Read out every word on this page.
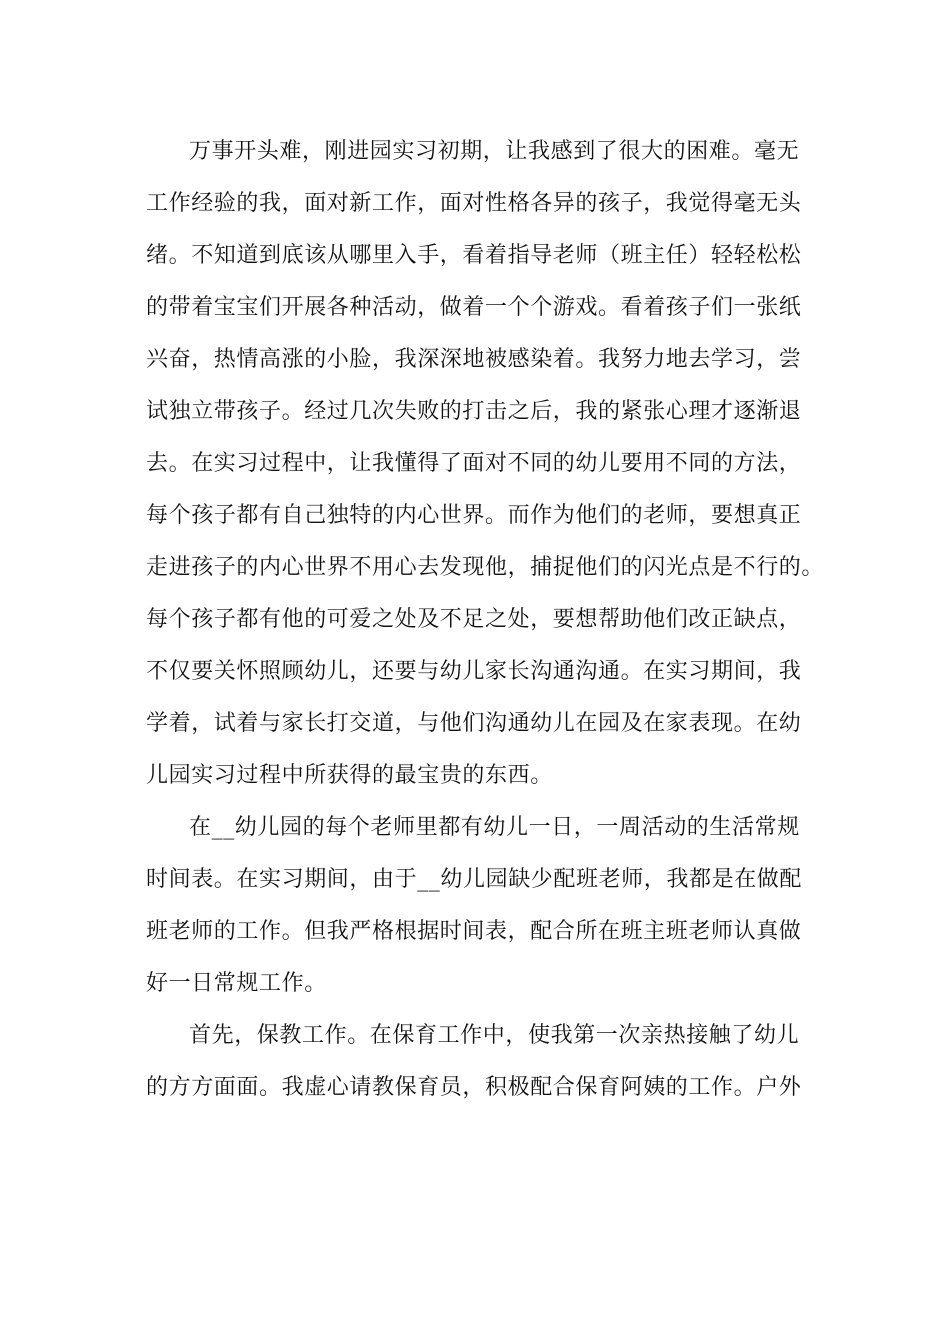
万事开头难，刚进园实习初期，让我感到了很大的困难。毫无

工作经验的我，面对新工作，面对性格各异的孩子，我觉得毫无头

绪。不知道到底该从哪里入手，看着指导老师（班主任）轻轻松松

的带着宝宝们开展各种活动，做着一个个游戏。看着孩子们一张纸

兴奋，热情高涨的小脸，我深深地被感染着。我努力地去学习，尝

试独立带孩子。经过几次失败的打击之后，我的紧张心理才逐渐退

去。在实习过程中，让我懂得了面对不同的幼儿要用不同的方法，

每个孩子都有自己独特的内心世界。而作为他们的老师，要想真正

走进孩子的内心世界不用心去发现他，捕捉他们的闪光点是不行的。

每个孩子都有他的可爱之处及不足之处，要想帮助他们改正缺点，

不仅要关怀照顾幼儿，还要与幼儿家长沟通沟通。在实习期间，我

学着，试着与家长打交道，与他们沟通幼儿在园及在家表现。在幼

儿园实习过程中所获得的最宝贵的东西。

在__幼儿园的每个老师里都有幼儿一日，一周活动的生活常规

时间表。在实习期间，由于__幼儿园缺少配班老师，我都是在做配

班老师的工作。但我严格根据时间表，配合所在班主班老师认真做

好一日常规工作。

首先，保教工作。在保育工作中，使我第一次亲热接触了幼儿

的方方面面。我虚心请教保育员，积极配合保育阿姨的工作。户外
